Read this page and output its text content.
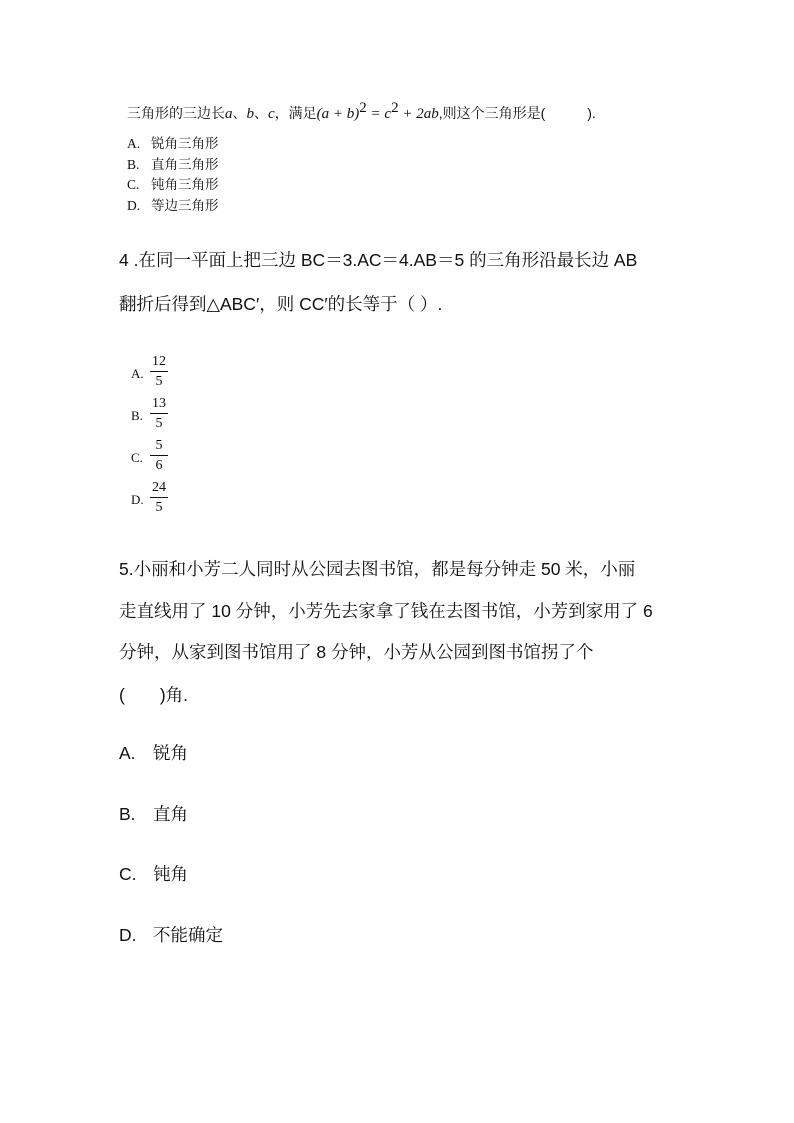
三角形的三边长a、b、c，满足$(a + b)^2 = c^2 + 2ab$,则这个三角形是(　　　).
A. 锐角三角形
B. 直角三角形
C. 钝角三角形
D. 等边三角形
4 .在同一平面上把三边 BC＝3.AC＝4.AB＝5 的三角形沿最长边 AB
翻折后得到△ABC′，则 CC′的长等于（ ）.
A. $\frac{12}{5}$
B. $\frac{13}{5}$
C. $\frac{5}{6}$
D. $\frac{24}{5}$
5.小丽和小芳二人同时从公园去图书馆，都是每分钟走 50 米，小丽
走直线用了 10 分钟，小芳先去家拿了钱在去图书馆，小芳到家用了 6
分钟，从家到图书馆用了 8 分钟，小芳从公园到图书馆拐了个
(　　)角.
A. 锐角
B. 直角
C. 钝角
D. 不能确定
